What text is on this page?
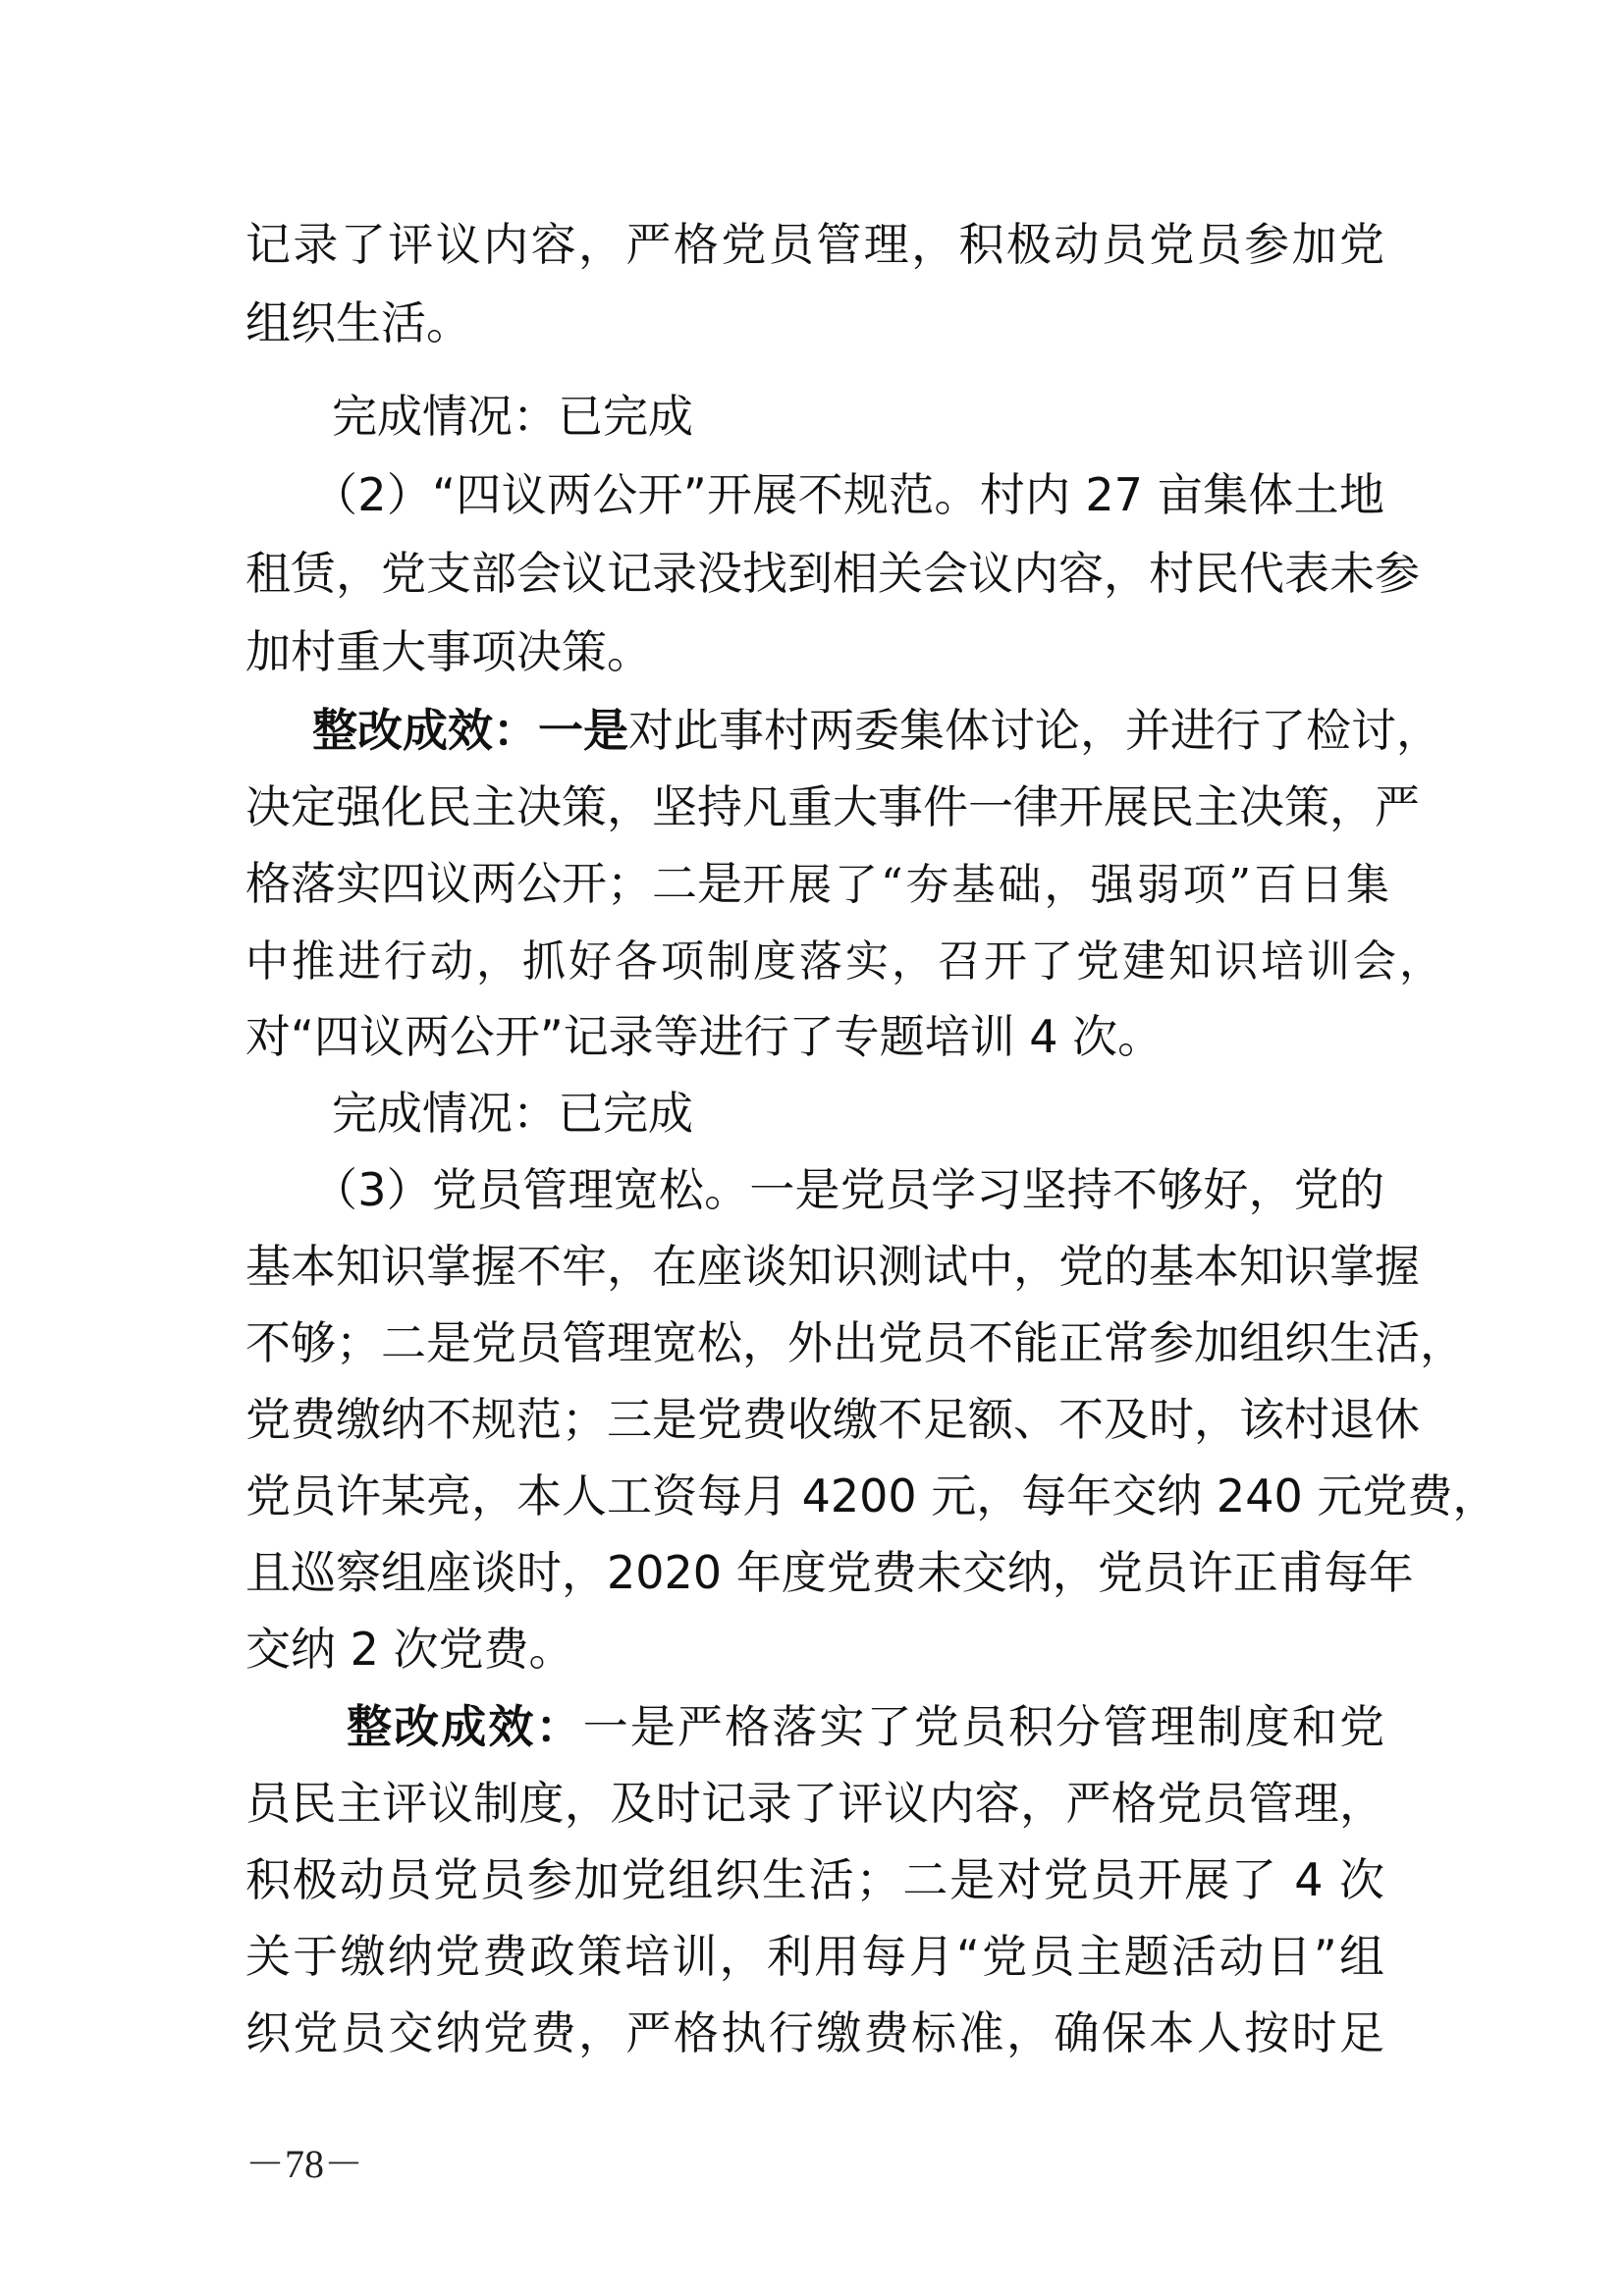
记录了评议内容，严格党员管理，积极动员党员参加党
组织生活。
完成情况：已完成
（2）“四议两公开”开展不规范。村内 27 亩集体土地
租赁，党支部会议记录没找到相关会议内容，村民代表未参
加村重大事项决策。
整改成效：一是对此事村两委集体讨论，并进行了检讨，
决定强化民主决策，坚持凡重大事件一律开展民主决策，严
格落实四议两公开；二是开展了“夯基础，强弱项”百日集
中推进行动，抓好各项制度落实，召开了党建知识培训会，
对“四议两公开”记录等进行了专题培训 4 次。
完成情况：已完成
（3）党员管理宽松。一是党员学习坚持不够好，党的
基本知识掌握不牢，在座谈知识测试中，党的基本知识掌握
不够；二是党员管理宽松，外出党员不能正常参加组织生活，
党费缴纳不规范；三是党费收缴不足额、不及时，该村退休
党员许某亮，本人工资每月 4200 元，每年交纳 240 元党费，
且巡察组座谈时，2020 年度党费未交纳，党员许正甫每年
交纳 2 次党费。
整改成效：一是严格落实了党员积分管理制度和党
员民主评议制度，及时记录了评议内容，严格党员管理，
积极动员党员参加党组织生活；二是对党员开展了 4 次
关于缴纳党费政策培训，利用每月“党员主题活动日”组
织党员交纳党费，严格执行缴费标准，确保本人按时足
－78－
